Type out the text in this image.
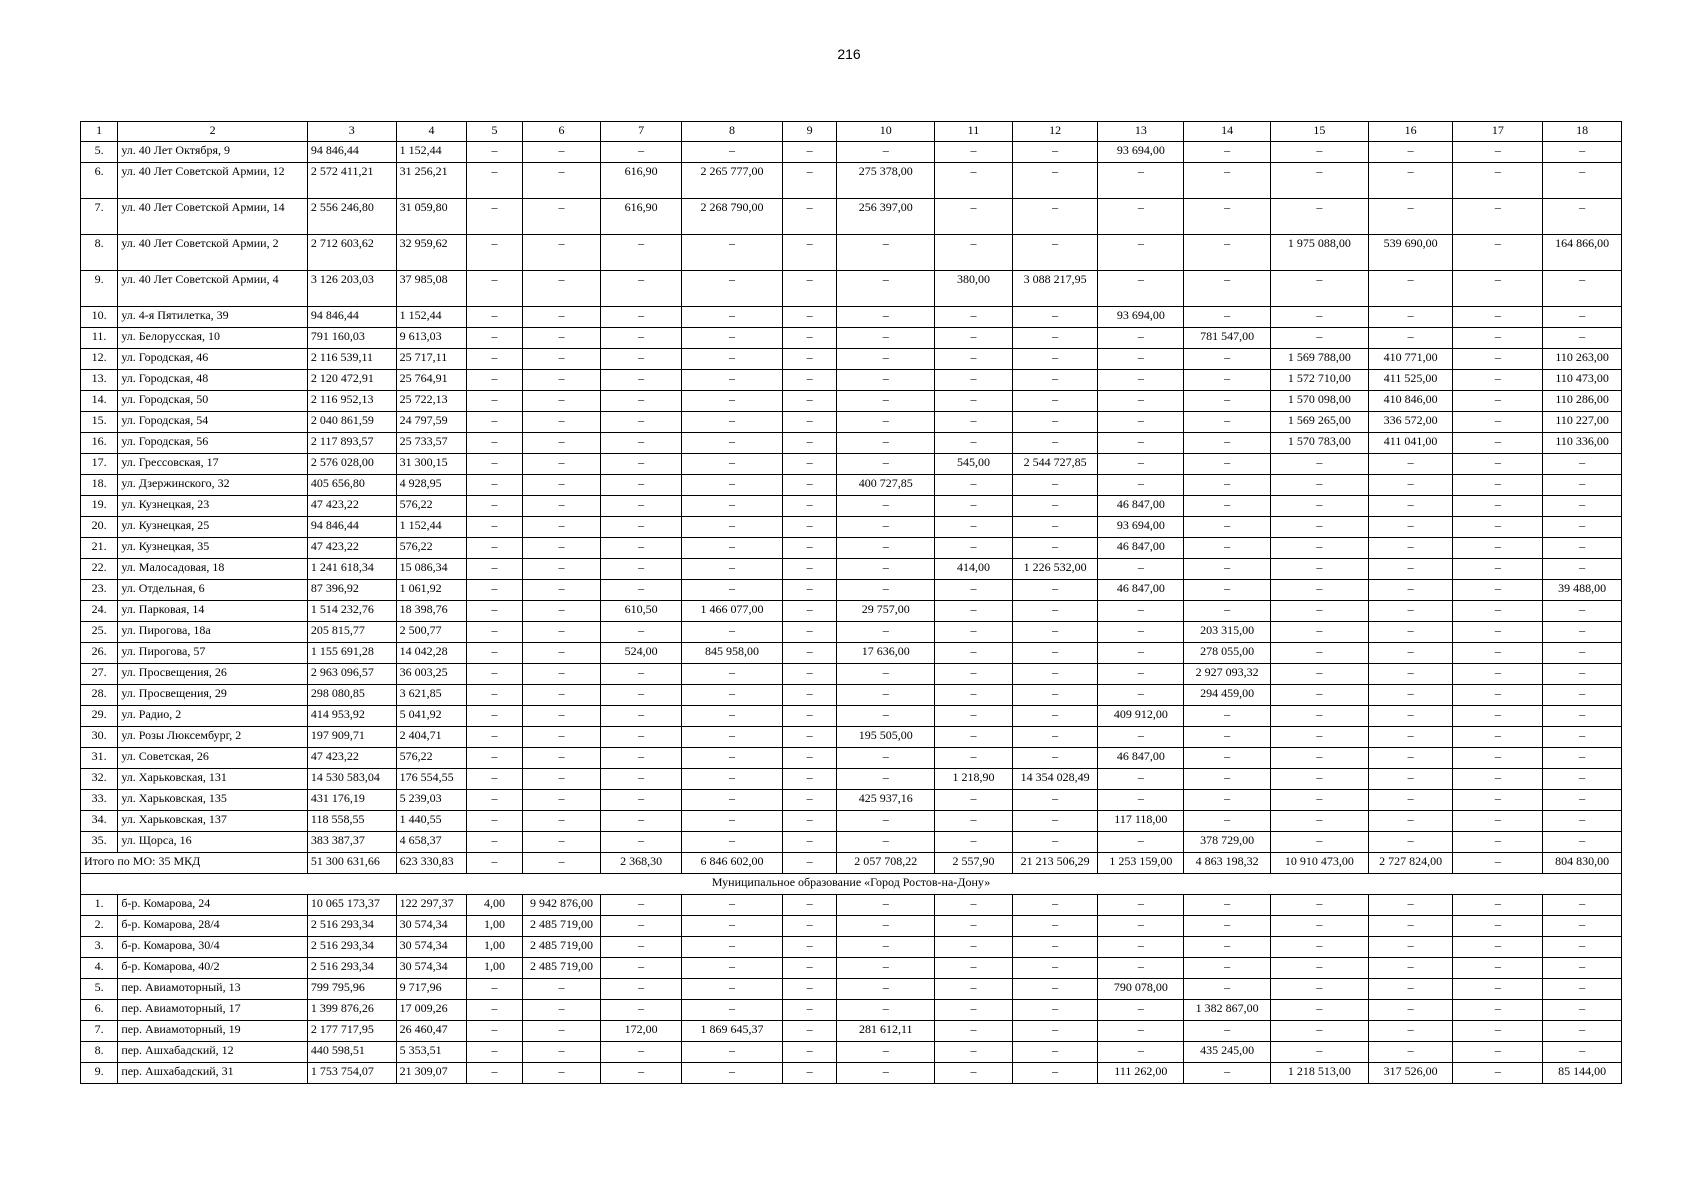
216
1	2	3	4	5	6	7	8	9	10	11	12	13	14	15	16	17	18
5.	ул. 40 Лет Октября, 9	94 846,44	1 152,44	–	–	–	–	–	–	–	–	93 694,00	–	–	–	–	–
6.	ул. 40 Лет Советской Армии, 12	2 572 411,21	31 256,21	–	–	616,90	2 265 777,00	–	275 378,00	–	–	–	–	–	–	–	–
7.	ул. 40 Лет Советской Армии, 14	2 556 246,80	31 059,80	–	–	616,90	2 268 790,00	–	256 397,00	–	–	–	–	–	–	–	–
8.	ул. 40 Лет Советской Армии, 2	2 712 603,62	32 959,62	–	–	–	–	–	–	–	–	–	–	1 975 088,00	539 690,00	–	164 866,00
9.	ул. 40 Лет Советской Армии, 4	3 126 203,03	37 985,08	–	–	–	–	–	–	380,00	3 088 217,95	–	–	–	–	–	–
10.	ул. 4-я Пятилетка, 39	94 846,44	1 152,44	–	–	–	–	–	–	–	–	93 694,00	–	–	–	–	–
11.	ул. Белорусская, 10	791 160,03	9 613,03	–	–	–	–	–	–	–	–	–	781 547,00	–	–	–	–
12.	ул. Городская, 46	2 116 539,11	25 717,11	–	–	–	–	–	–	–	–	–	–	1 569 788,00	410 771,00	–	110 263,00
13.	ул. Городская, 48	2 120 472,91	25 764,91	–	–	–	–	–	–	–	–	–	–	1 572 710,00	411 525,00	–	110 473,00
14.	ул. Городская, 50	2 116 952,13	25 722,13	–	–	–	–	–	–	–	–	–	–	1 570 098,00	410 846,00	–	110 286,00
15.	ул. Городская, 54	2 040 861,59	24 797,59	–	–	–	–	–	–	–	–	–	–	1 569 265,00	336 572,00	–	110 227,00
16.	ул. Городская, 56	2 117 893,57	25 733,57	–	–	–	–	–	–	–	–	–	–	1 570 783,00	411 041,00	–	110 336,00
17.	ул. Грессовская, 17	2 576 028,00	31 300,15	–	–	–	–	–	–	545,00	2 544 727,85	–	–	–	–	–	–
18.	ул. Дзержинского, 32	405 656,80	4 928,95	–	–	–	–	–	400 727,85	–	–	–	–	–	–	–	–
19.	ул. Кузнецкая, 23	47 423,22	576,22	–	–	–	–	–	–	–	–	46 847,00	–	–	–	–	–
20.	ул. Кузнецкая, 25	94 846,44	1 152,44	–	–	–	–	–	–	–	–	93 694,00	–	–	–	–	–
21.	ул. Кузнецкая, 35	47 423,22	576,22	–	–	–	–	–	–	–	–	46 847,00	–	–	–	–	–
22.	ул. Малосадовая, 18	1 241 618,34	15 086,34	–	–	–	–	–	–	414,00	1 226 532,00	–	–	–	–	–	–
23.	ул. Отдельная, 6	87 396,92	1 061,92	–	–	–	–	–	–	–	–	46 847,00	–	–	–	–	39 488,00
24.	ул. Парковая, 14	1 514 232,76	18 398,76	–	–	610,50	1 466 077,00	–	29 757,00	–	–	–	–	–	–	–	–
25.	ул. Пирогова, 18а	205 815,77	2 500,77	–	–	–	–	–	–	–	–	–	203 315,00	–	–	–	–
26.	ул. Пирогова, 57	1 155 691,28	14 042,28	–	–	524,00	845 958,00	–	17 636,00	–	–	–	278 055,00	–	–	–	–
27.	ул. Просвещения, 26	2 963 096,57	36 003,25	–	–	–	–	–	–	–	–	–	2 927 093,32	–	–	–	–
28.	ул. Просвещения, 29	298 080,85	3 621,85	–	–	–	–	–	–	–	–	–	294 459,00	–	–	–	–
29.	ул. Радио, 2	414 953,92	5 041,92	–	–	–	–	–	–	–	–	409 912,00	–	–	–	–	–
30.	ул. Розы Люксембург, 2	197 909,71	2 404,71	–	–	–	–	–	195 505,00	–	–	–	–	–	–	–	–
31.	ул. Советская, 26	47 423,22	576,22	–	–	–	–	–	–	–	–	46 847,00	–	–	–	–	–
32.	ул. Харьковская, 131	14 530 583,04	176 554,55	–	–	–	–	–	–	1 218,90	14 354 028,49	–	–	–	–	–	–
33.	ул. Харьковская, 135	431 176,19	5 239,03	–	–	–	–	–	425 937,16	–	–	–	–	–	–	–	–
34.	ул. Харьковская, 137	118 558,55	1 440,55	–	–	–	–	–	–	–	–	117 118,00	–	–	–	–	–
35.	ул. Щорса, 16	383 387,37	4 658,37	–	–	–	–	–	–	–	–	–	378 729,00	–	–	–	–
Итого по МО: 35 МКД		51 300 631,66	623 330,83	–	–	2 368,30	6 846 602,00	–	2 057 708,22	2 557,90	21 213 506,29	1 253 159,00	4 863 198,32	10 910 473,00	2 727 824,00	–	804 830,00
Муниципальное образование «Город Ростов-на-Дону»																	
1.	б-р. Комарова, 24	10 065 173,37	122 297,37	4,00	9 942 876,00	–	–	–	–	–	–	–	–	–	–	–	–
2.	б-р. Комарова, 28/4	2 516 293,34	30 574,34	1,00	2 485 719,00	–	–	–	–	–	–	–	–	–	–	–	–
3.	б-р. Комарова, 30/4	2 516 293,34	30 574,34	1,00	2 485 719,00	–	–	–	–	–	–	–	–	–	–	–	–
4.	б-р. Комарова, 40/2	2 516 293,34	30 574,34	1,00	2 485 719,00	–	–	–	–	–	–	–	–	–	–	–	–
5.	пер. Авиамоторный, 13	799 795,96	9 717,96	–	–	–	–	–	–	–	–	790 078,00	–	–	–	–	–
6.	пер. Авиамоторный, 17	1 399 876,26	17 009,26	–	–	–	–	–	–	–	–	–	1 382 867,00	–	–	–	–
7.	пер. Авиамоторный, 19	2 177 717,95	26 460,47	–	–	172,00	1 869 645,37	–	281 612,11	–	–	–	–	–	–	–	–
8.	пер. Ашхабадский, 12	440 598,51	5 353,51	–	–	–	–	–	–	–	–	–	435 245,00	–	–	–	–
9.	пер. Ашхабадский, 31	1 753 754,07	21 309,07	–	–	–	–	–	–	–	–	111 262,00	–	1 218 513,00	317 526,00	–	85 144,00
